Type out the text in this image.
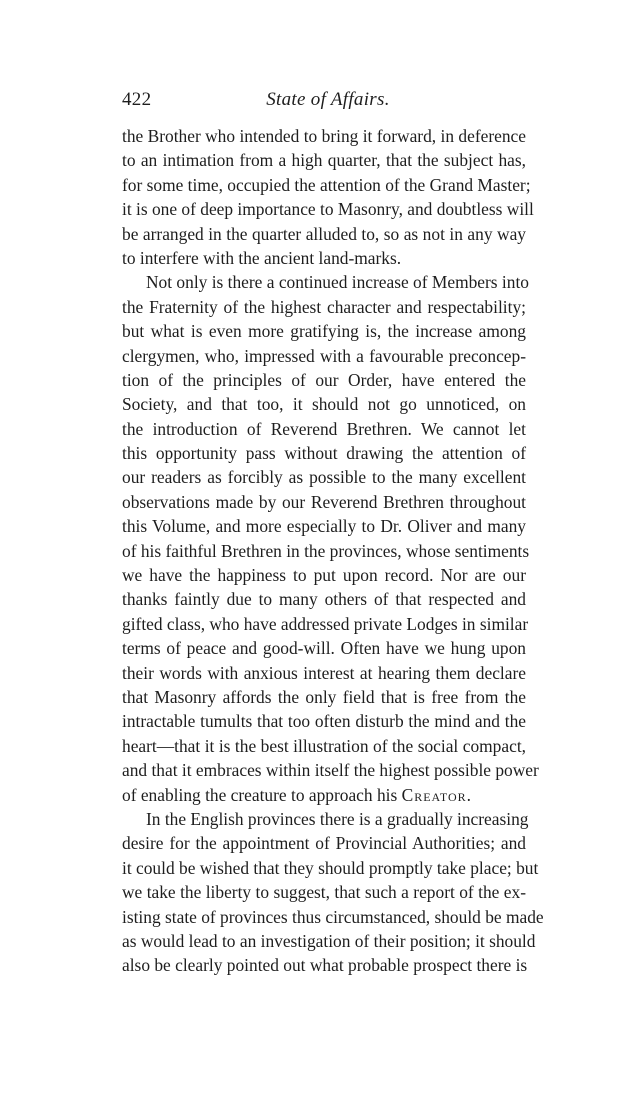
422	State of Affairs.
the Brother who intended to bring it forward, in deference
to an intimation from a high quarter, that the subject has,
for some time, occupied the attention of the Grand Master;
it is one of deep importance to Masonry, and doubtless will
be arranged in the quarter alluded to, so as not in any way
to interfere with the ancient land-marks.
Not only is there a continued increase of Members into
the Fraternity of the highest character and respectability;
but what is even more gratifying is, the increase among
clergymen, who, impressed with a favourable preconcep-
tion of the principles of our Order, have entered the
Society, and that too, it should not go unnoticed, on
the introduction of Reverend Brethren. We cannot let
this opportunity pass without drawing the attention of
our readers as forcibly as possible to the many excellent
observations made by our Reverend Brethren throughout
this Volume, and more especially to Dr. Oliver and many
of his faithful Brethren in the provinces, whose sentiments
we have the happiness to put upon record. Nor are our
thanks faintly due to many others of that respected and
gifted class, who have addressed private Lodges in similar
terms of peace and good-will. Often have we hung upon
their words with anxious interest at hearing them declare
that Masonry affords the only field that is free from the
intractable tumults that too often disturb the mind and the
heart—that it is the best illustration of the social compact,
and that it embraces within itself the highest possible power
of enabling the creature to approach his Creator.
In the English provinces there is a gradually increasing
desire for the appointment of Provincial Authorities; and
it could be wished that they should promptly take place; but
we take the liberty to suggest, that such a report of the ex-
isting state of provinces thus circumstanced, should be made
as would lead to an investigation of their position; it should
also be clearly pointed out what probable prospect there is
